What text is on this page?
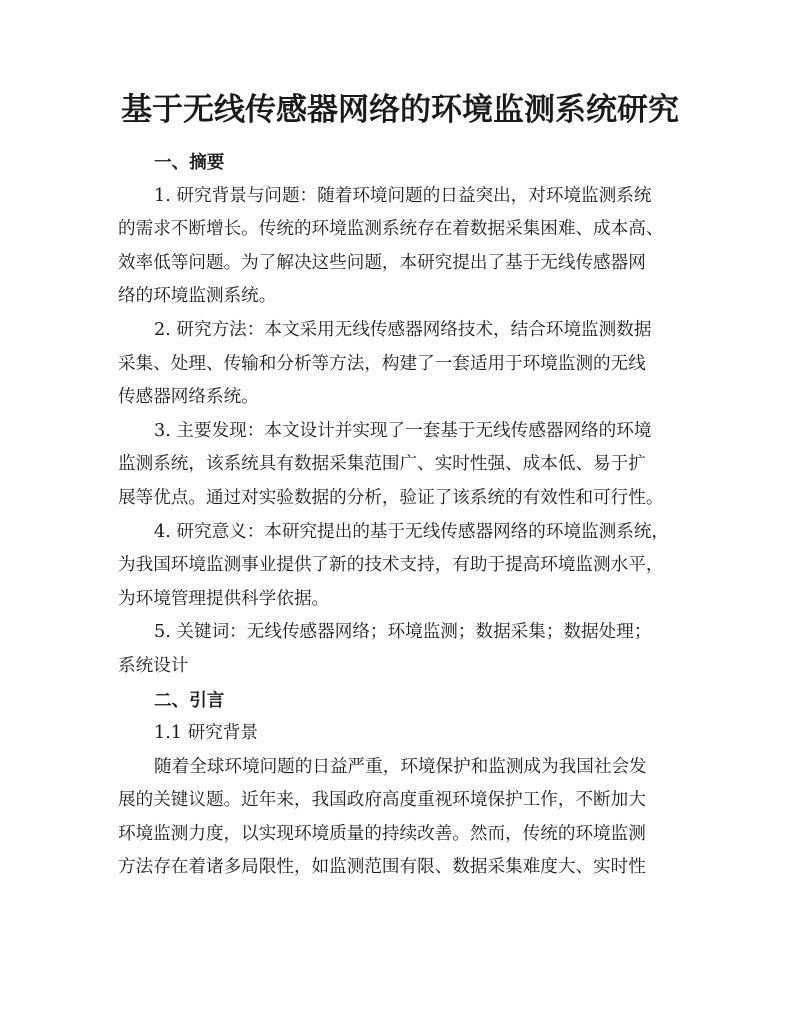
基于无线传感器网络的环境监测系统研究
一、摘要
1. 研究背景与问题：随着环境问题的日益突出，对环境监测系统
的需求不断增长。传统的环境监测系统存在着数据采集困难、成本高、
效率低等问题。为了解决这些问题，本研究提出了基于无线传感器网
络的环境监测系统。
2. 研究方法：本文采用无线传感器网络技术，结合环境监测数据
采集、处理、传输和分析等方法，构建了一套适用于环境监测的无线
传感器网络系统。
3. 主要发现：本文设计并实现了一套基于无线传感器网络的环境
监测系统，该系统具有数据采集范围广、实时性强、成本低、易于扩
展等优点。通过对实验数据的分析，验证了该系统的有效性和可行性。
4. 研究意义：本研究提出的基于无线传感器网络的环境监测系统，
为我国环境监测事业提供了新的技术支持，有助于提高环境监测水平，
为环境管理提供科学依据。
5. 关键词：无线传感器网络；环境监测；数据采集；数据处理；
系统设计
二、引言
1.1 研究背景
随着全球环境问题的日益严重，环境保护和监测成为我国社会发
展的关键议题。近年来，我国政府高度重视环境保护工作，不断加大
环境监测力度，以实现环境质量的持续改善。然而，传统的环境监测
方法存在着诸多局限性，如监测范围有限、数据采集难度大、实时性
